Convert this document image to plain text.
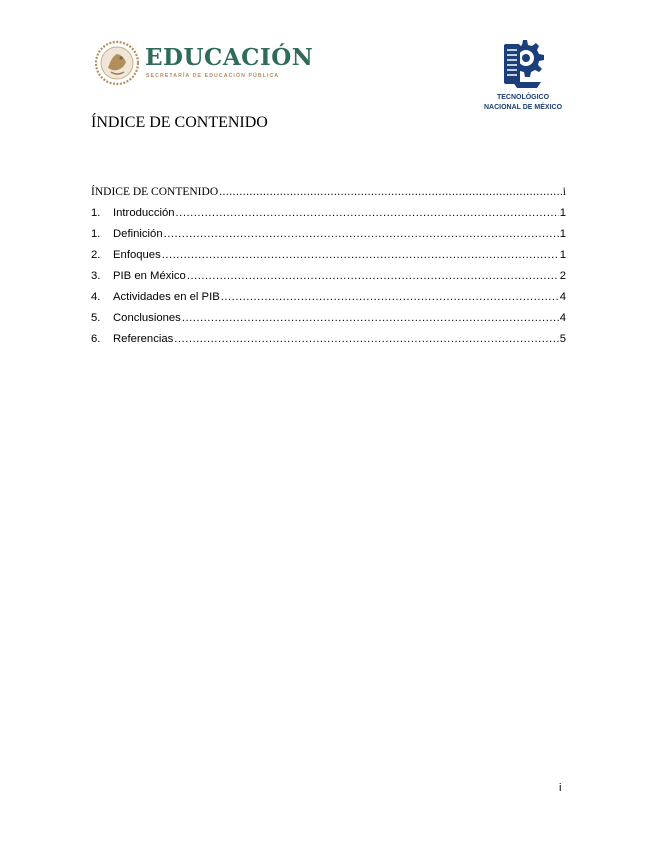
EDUCACIÓN
SECRETARÍA DE EDUCACIÓN PÚBLICA
TECNOLÓGICO
NACIONAL DE MÉXICO
ÍNDICE DE CONTENIDO
ÍNDICE DE CONTENIDO .....	i
1.	Introducción .....	1
1.	Definición .....	1
2.	Enfoques .....	1
3.	PIB en México .....	2
4.	Actividades en el PIB .....	4
5.	Conclusiones .....	4
6.	Referencias .....	5
i
